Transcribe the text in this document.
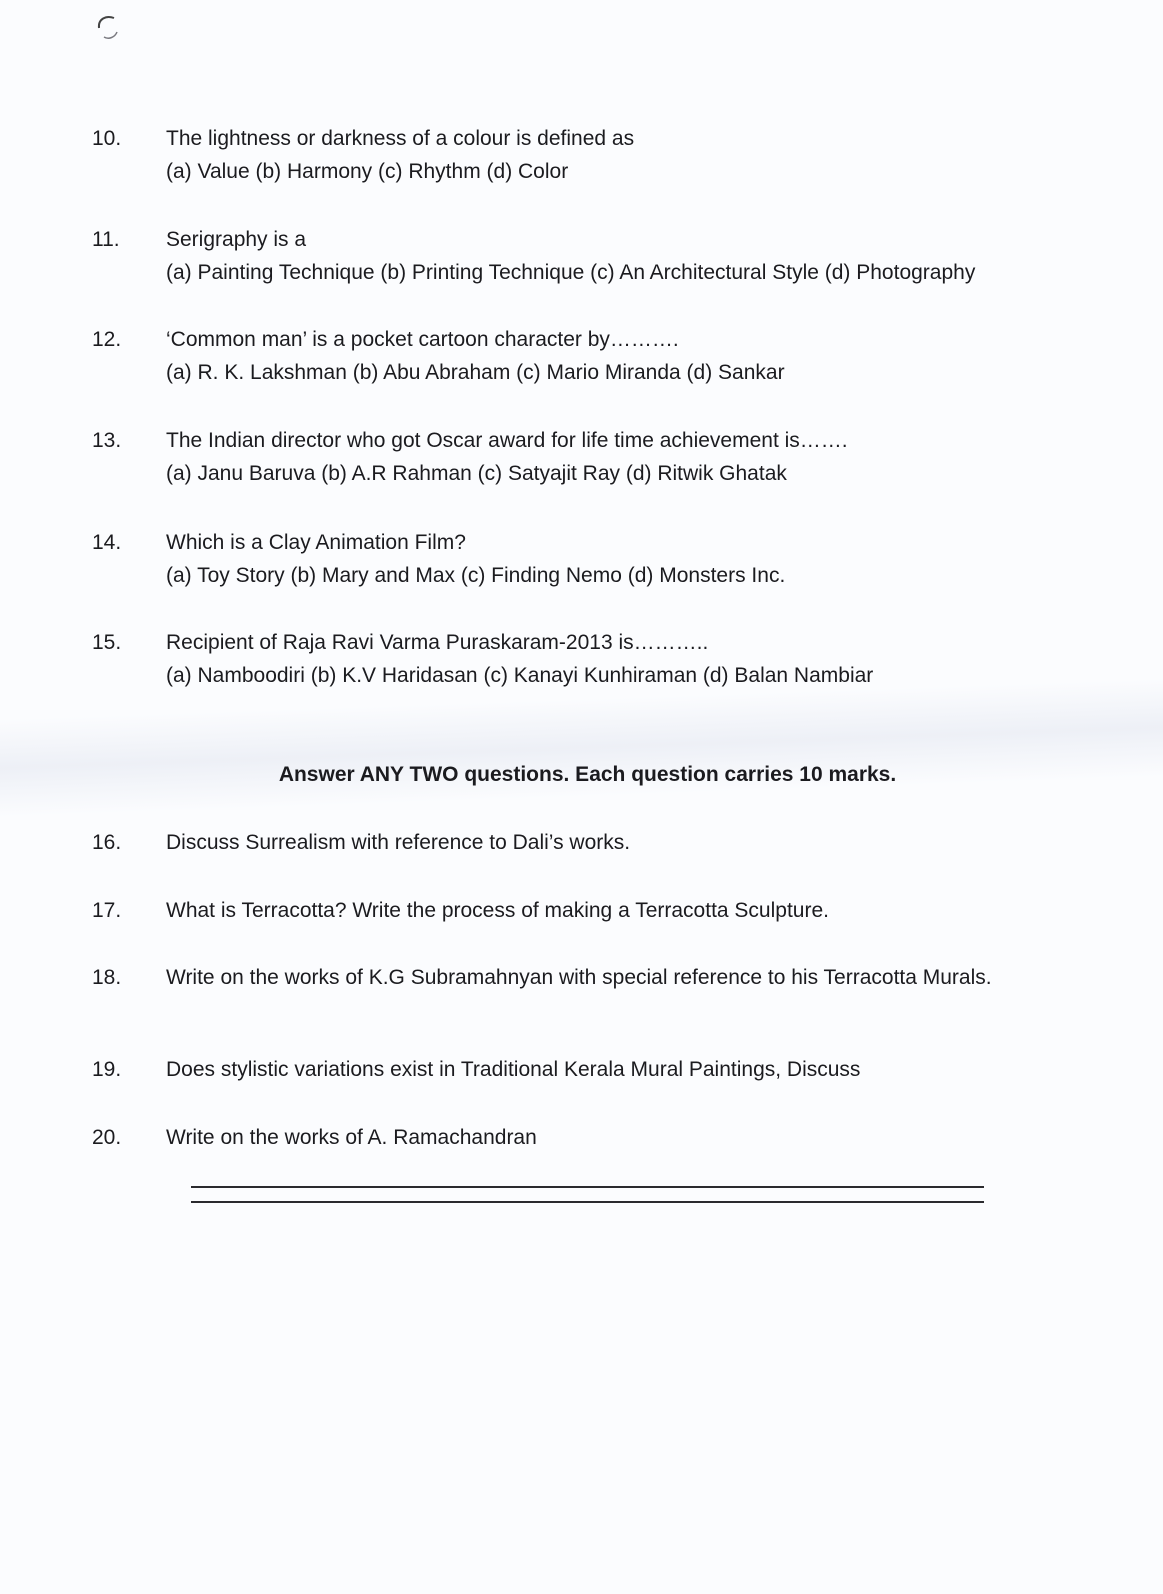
10.	The lightness or darkness of a colour is defined as
(a) Value (b) Harmony (c) Rhythm (d) Color
11.	Serigraphy is a
(a) Painting Technique (b) Printing Technique (c) An Architectural Style (d) Photography
12.	‘Common man’ is a pocket cartoon character by……….
(a) R. K. Lakshman (b) Abu Abraham (c) Mario Miranda (d) Sankar
13.	The Indian director who got Oscar award for life time achievement is…….
(a) Janu Baruva (b) A.R Rahman (c) Satyajit Ray (d) Ritwik Ghatak
14.	Which is a Clay Animation Film?
(a) Toy Story (b) Mary and Max (c) Finding Nemo (d) Monsters Inc.
15.	Recipient of Raja Ravi Varma Puraskaram-2013 is………..
(a) Namboodiri (b) K.V Haridasan (c) Kanayi Kunhiraman (d) Balan Nambiar
Answer ANY TWO questions. Each question carries 10 marks.
16.	Discuss Surrealism with reference to Dali’s works.
17.	What is Terracotta? Write the process of making a Terracotta Sculpture.
18.	Write on the works of K.G Subramahnyan with special reference to his Terracotta Murals.
19.	Does stylistic variations exist in Traditional Kerala Mural Paintings, Discuss
20.	Write on the works of A. Ramachandran
